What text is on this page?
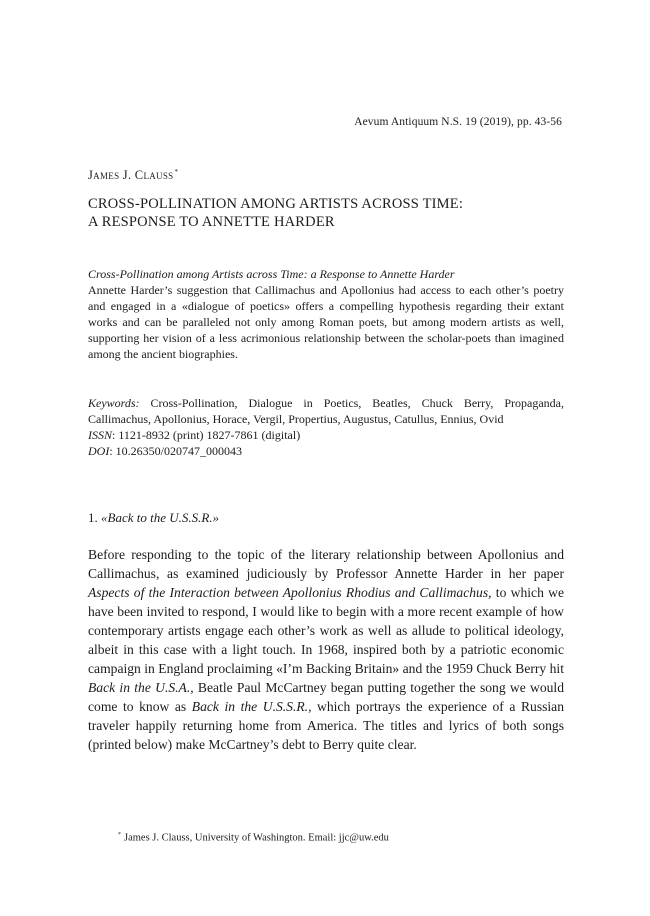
Aevum Antiquum N.S. 19 (2019), pp. 43-56
James J. Clauss*
CROSS-POLLINATION AMONG ARTISTS ACROSS TIME:
A RESPONSE TO ANNETTE HARDER
Cross-Pollination among Artists across Time: a Response to Annette Harder
Annette Harder’s suggestion that Callimachus and Apollonius had access to each other’s poetry and engaged in a «dialogue of poetics» offers a compelling hypothesis regarding their extant works and can be paralleled not only among Roman poets, but among modern artists as well, supporting her vision of a less acrimonious relationship between the scholar-poets than imagined among the ancient biographies.
Keywords: Cross-Pollination, Dialogue in Poetics, Beatles, Chuck Berry, Propaganda, Callimachus, Apollonius, Horace, Vergil, Propertius, Augustus, Catullus, Ennius, Ovid
ISSN: 1121-8932 (print) 1827-7861 (digital)
DOI: 10.26350/020747_000043
1. «Back to the U.S.S.R.»
Before responding to the topic of the literary relationship between Apollonius and Callimachus, as examined judiciously by Professor Annette Harder in her paper Aspects of the Interaction between Apollonius Rhodius and Callimachus, to which we have been invited to respond, I would like to begin with a more recent example of how contemporary artists engage each other’s work as well as allude to political ideology, albeit in this case with a light touch. In 1968, inspired both by a patriotic economic campaign in England proclaiming «I’m Backing Britain» and the 1959 Chuck Berry hit Back in the U.S.A., Beatle Paul McCartney began putting together the song we would come to know as Back in the U.S.S.R., which portrays the experience of a Russian traveler happily returning home from America. The titles and lyrics of both songs (printed below) make McCartney’s debt to Berry quite clear.
* James J. Clauss, University of Washington. Email: jjc@uw.edu
